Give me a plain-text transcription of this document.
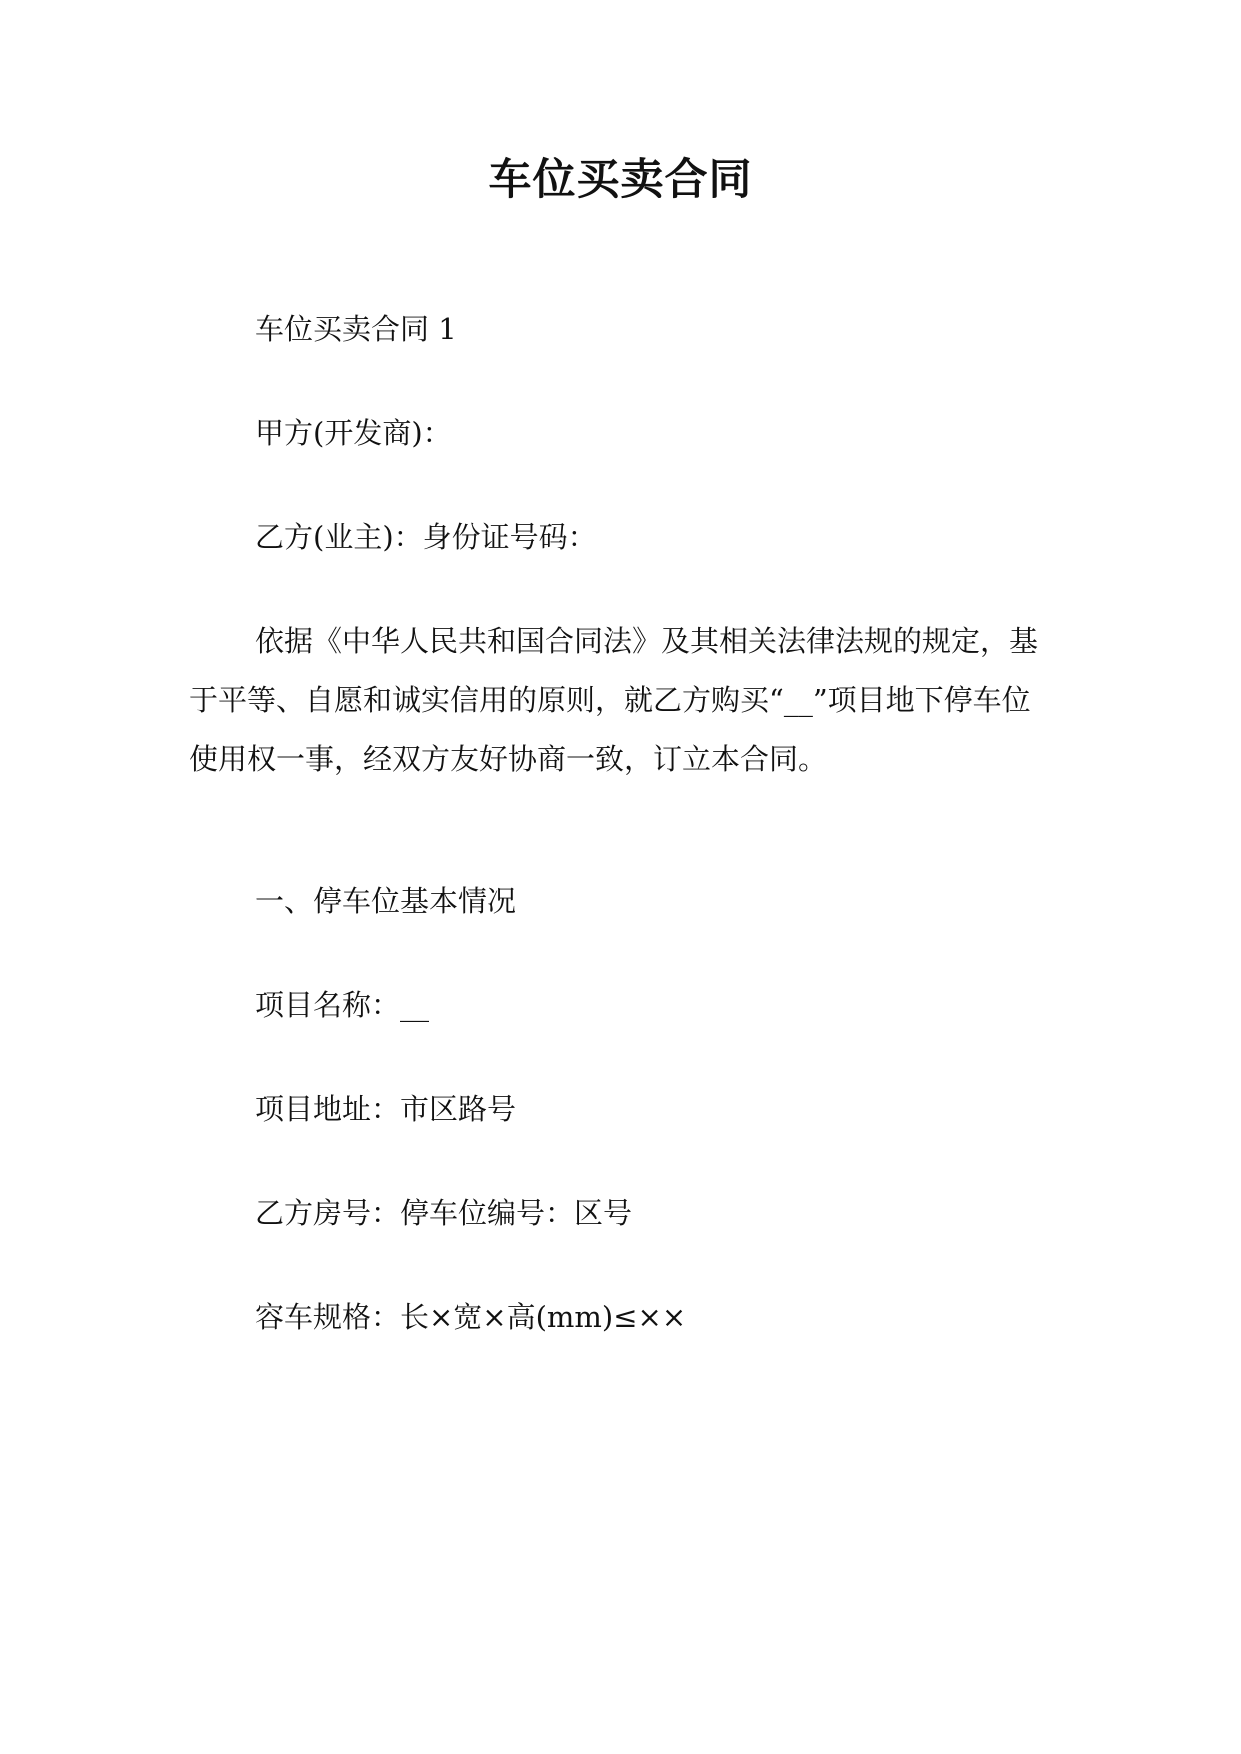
车位买卖合同

车位买卖合同 1

甲方(开发商)：

乙方(业主)：身份证号码：

依据《中华人民共和国合同法》及其相关法律法规的规定，基于平等、自愿和诚实信用的原则，就乙方购买“__”项目地下停车位使用权一事，经双方友好协商一致，订立本合同。

一、停车位基本情况

项目名称：__

项目地址：市区路号

乙方房号：停车位编号：区号

容车规格：长×宽×高(mm)≤××
